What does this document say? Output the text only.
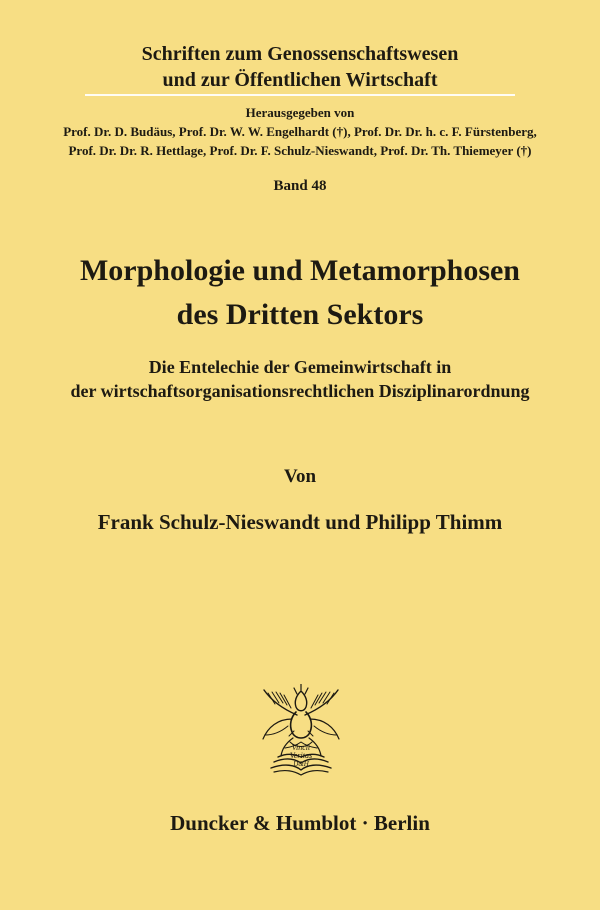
Schriften zum Genossenschaftswesen
und zur Öffentlichen Wirtschaft
Herausgegeben von
Prof. Dr. D. Budäus, Prof. Dr. W. W. Engelhardt (†), Prof. Dr. Dr. h. c. F. Fürstenberg,
Prof. Dr. Dr. R. Hettlage, Prof. Dr. F. Schulz-Nieswandt, Prof. Dr. Th. Thiemeyer (†)
Band 48
Morphologie und Metamorphosen
des Dritten Sektors
Die Entelechie der Gemeinwirtschaft in
der wirtschaftsorganisationsrechtlichen Disziplinarordnung
Von
Frank Schulz-Nieswandt und Philipp Thimm
Vincit
Veritas
D&H
Duncker & Humblot · Berlin
